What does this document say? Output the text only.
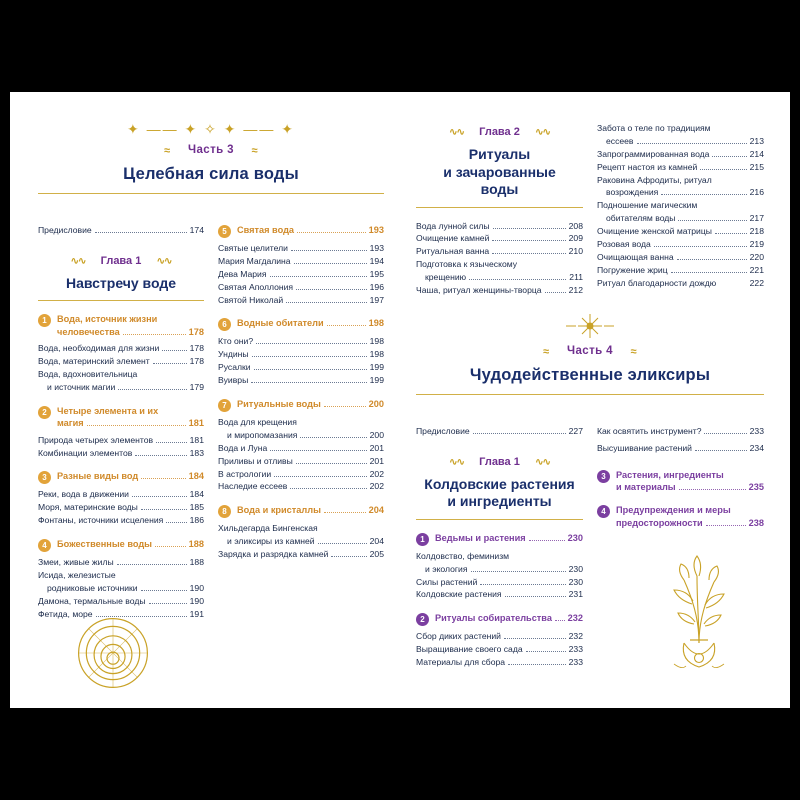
✦ —— ✦ ✧ ✦ —— ✦
≈ Часть 3 ≈
Целебная сила воды
Предисловие	174
∿∿ Глава 1 ∿∿
Навстречу воде
1	Вода, источник жизни
человечества	178
Вода, необходимая для жизни	178
Вода, материнский элемент	178
Вода, вдохновительница
и источник магии	179
2	Четыре элемента и их
магия	181
Природа четырех элементов	181
Комбинации элементов	183
3	Разные виды вод	184
Реки, вода в движении	184
Моря, материнские воды	185
Фонтаны, источники исцеления	186
4	Божественные воды	188
Змеи, живые жилы	188
Исида, железистые
родниковые источники	190
Дамона, термальные воды	190
Фетида, море	191
5	Святая вода	193
Святые целители	193
Мария Магдалина	194
Дева Мария	195
Святая Аполлония	196
Святой Николай	197
6	Водные обитатели	198
Кто они?	198
Ундины	198
Русалки	199
Вуивры	199
7	Ритуальные воды	200
Вода для крещения
и миропомазания	200
Вода и Луна	201
Приливы и отливы	201
В астрологии	202
Наследие ессеев	202
8	Вода и кристаллы	204
Хильдегарда Бингенская
и эликсиры из камней	204
Зарядка и разрядка камней	205
∿∿ Глава 2 ∿∿
Ритуалы
и зачарованные
воды
Вода лунной силы	208
Очищение камней	209
Ритуальная ванна	210
Подготовка к языческому
крещению	211
Чаша, ритуал женщины-творца	212
Забота о теле по традициям
ессеев	213
Запрограммированная вода	214
Рецепт настоя из камней	215
Раковина Афродиты, ритуал
возрождения	216
Подношение магическим
обитателям воды	217
Очищение женской матрицы	218
Розовая вода	219
Очищающая ванна	220
Погружение жриц	221
Ритуал благодарности дождю	222
≈ Часть 4 ≈
Чудодейственные эликсиры
Предисловие	227
∿∿ Глава 1 ∿∿
Колдовские растения
и ингредиенты
1	Ведьмы и растения	230
Колдовство, феминизм
и экология	230
Силы растений	230
Колдовские растения	231
2	Ритуалы собирательства 232
Сбор диких растений	232
Выращивание своего сада	233
Материалы для сбора	233
Как освятить инструмент?	233
Высушивание растений	234
3	Растения, ингредиенты
и материалы	235
4	Предупреждения и меры
предосторожности	238
